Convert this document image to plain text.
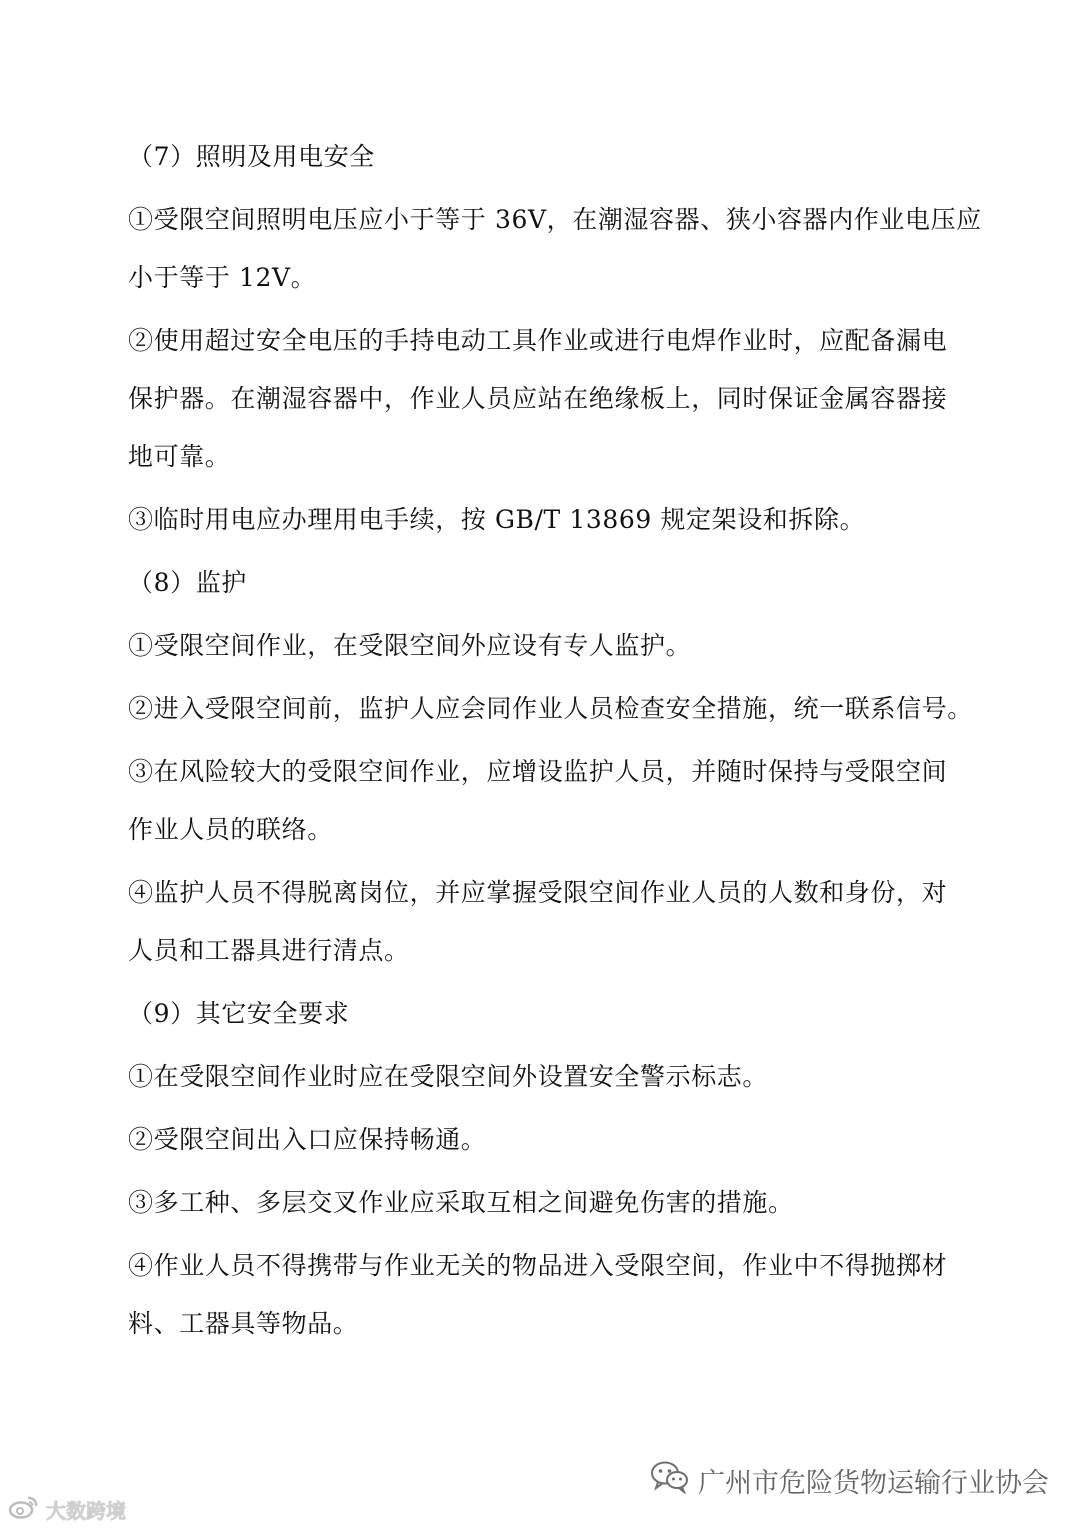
（7）照明及用电安全
①受限空间照明电压应小于等于 36V，在潮湿容器、狭小容器内作业电压应
小于等于 12V。
②使用超过安全电压的手持电动工具作业或进行电焊作业时，应配备漏电
保护器。在潮湿容器中，作业人员应站在绝缘板上，同时保证金属容器接
地可靠。
③临时用电应办理用电手续，按 GB/T 13869 规定架设和拆除。
（8）监护
①受限空间作业，在受限空间外应设有专人监护。
②进入受限空间前，监护人应会同作业人员检查安全措施，统一联系信号。
③在风险较大的受限空间作业，应增设监护人员，并随时保持与受限空间
作业人员的联络。
④监护人员不得脱离岗位，并应掌握受限空间作业人员的人数和身份，对
人员和工器具进行清点。
（9）其它安全要求
①在受限空间作业时应在受限空间外设置安全警示标志。
②受限空间出入口应保持畅通。
③多工种、多层交叉作业应采取互相之间避免伤害的措施。
④作业人员不得携带与作业无关的物品进入受限空间，作业中不得抛掷材
料、工器具等物品。
广州市危险货物运输行业协会
大数跨境
